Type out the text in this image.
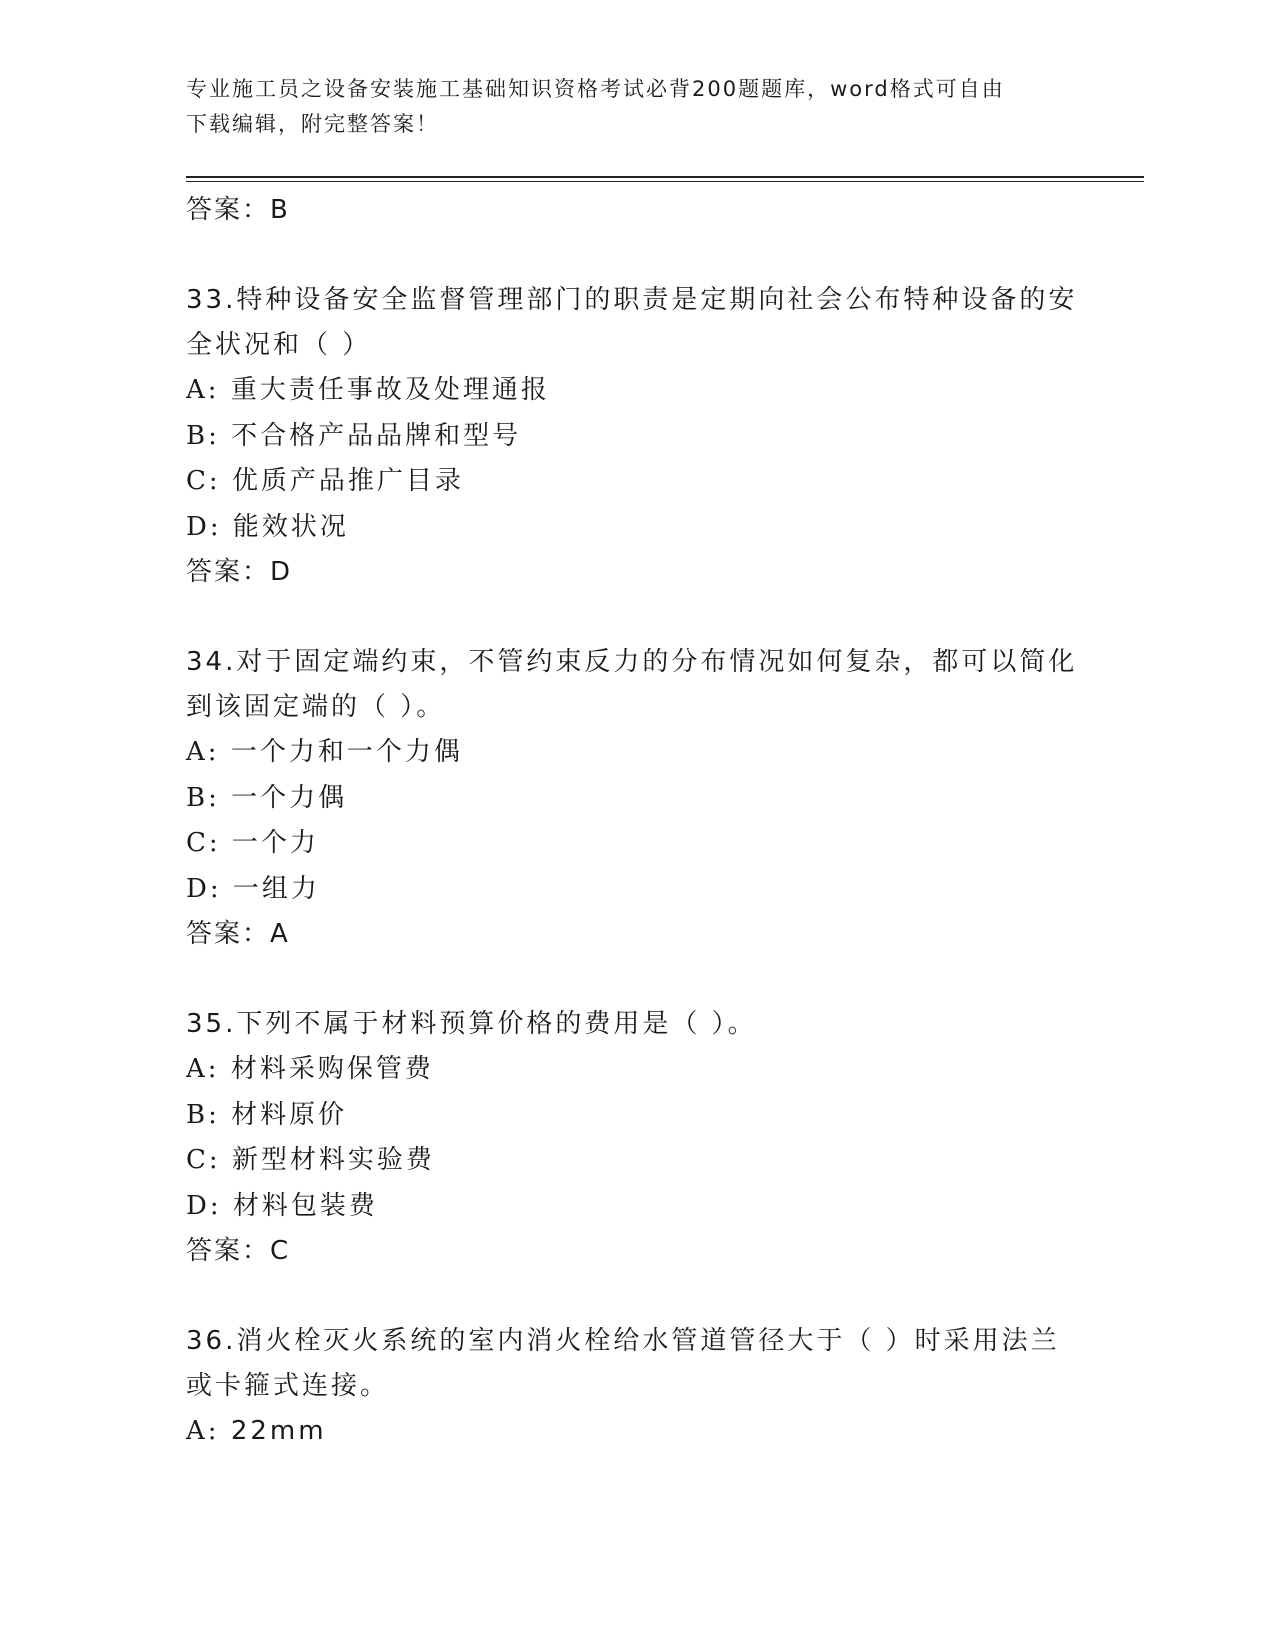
专业施工员之设备安装施工基础知识资格考试必背200题题库，word格式可自由
下载编辑，附完整答案！
答案：B
33.特种设备安全监督管理部门的职责是定期向社会公布特种设备的安
全状况和（ ）
A: 重大责任事故及处理通报
B: 不合格产品品牌和型号
C: 优质产品推广目录
D: 能效状况
答案：D
34.对于固定端约束，不管约束反力的分布情况如何复杂，都可以简化
到该固定端的（ ）。
A: 一个力和一个力偶
B: 一个力偶
C: 一个力
D: 一组力
答案：A
35.下列不属于材料预算价格的费用是（ ）。
A: 材料采购保管费
B: 材料原价
C: 新型材料实验费
D: 材料包装费
答案：C
36.消火栓灭火系统的室内消火栓给水管道管径大于（ ）时采用法兰
或卡箍式连接。
A: 22mm
